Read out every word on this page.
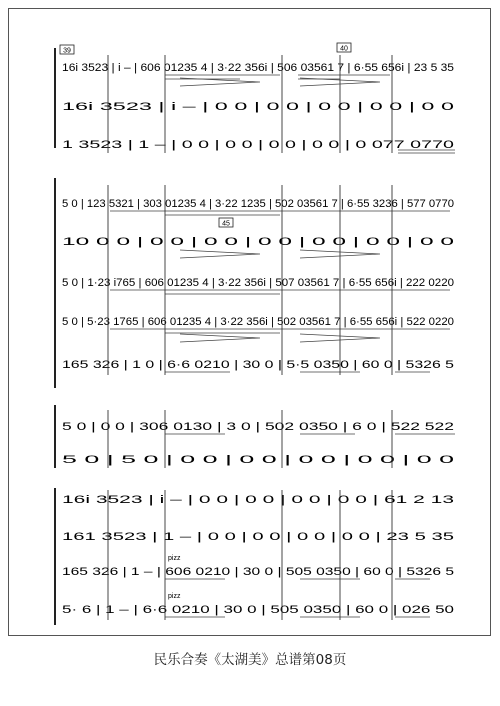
39	40
45
16i 3523 | i – | 606 01235 4 | 3·22 356i | 506 03561 7 | 6·55 656i | 23 5 35
16i 3523 | i – | 0 0 | 0 0 | 0 0 | 0 0 | 0 0
1 3523 | 1 – | 0 0 | 0 0 | 0 0 | 0 0 | 0 077 0770
5 0 | 123 5321 | 303 01235 4 | 3·22 1235 | 502 03561 7 | 6·55 3236 | 577 0770
10 0 0 | 0 0 | 0 0 | 0 0 | 0 0 | 0 0 | 0 0
5 0 | 1·23 i765 | 606 01235 4 | 3·22 356i | 507 03561 7 | 6·55 656i | 222 0220
5 0 | 5·23 1765 | 606 01235 4 | 3·22 356i | 502 03561 7 | 6·55 656i | 522 0220
165 326 | 1 0 | 6·6 0210 | 30 0 | 5·5 0350 | 60 0 | 5326 5
5 0 | 0 0 | 306 0130 | 3 0 | 502 0350 | 6 0 | 522 522
5 0 | 5 0 | 0 0 | 0 0 | 0 0 | 0 0 | 0 0
16i 3523 | i – | 0 0 | 0 0 | 0 0 | 0 0 | 61 2 13
161 3523 | 1 – | 0 0 | 0 0 | 0 0 | 0 0 | 23 5 35
165 326 | 1 – | 606 0210 | 30 0 | 505 0350 | 60 0 | 5326 5
pizz
5· 6 | 1 – | 6·6 0210 | 30 0 | 505 0350 | 60 0 | 026 50
pizz
民乐合奏《太湖美》总谱第08页
